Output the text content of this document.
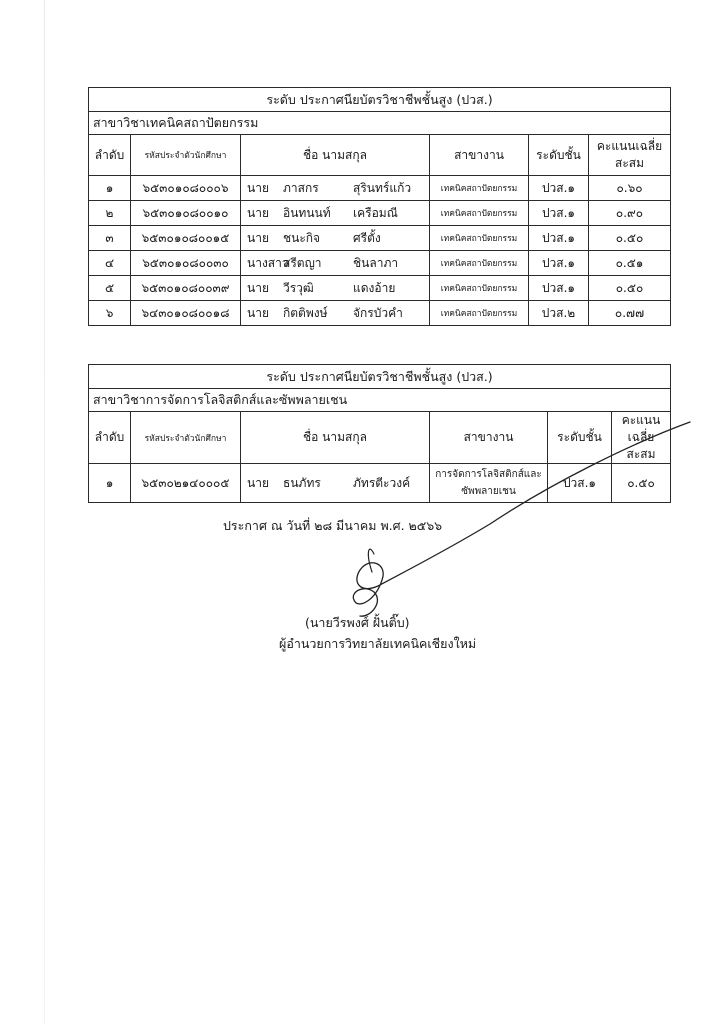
ระดับ ประกาศนียบัตรวิชาชีพชั้นสูง (ปวส.)					
สาขาวิชาเทคนิคสถาปัตยกรรม					
ลำดับ	รหัสประจำตัวนักศึกษา	ชื่อ นามสกุล	สาขางาน	ระดับชั้น	คะแนนเฉลี่ยสะสม
๑	๖๕๓๐๑๐๘๐๐๐๖	นาย ภาสกร สุรินทร์แก้ว	เทคนิคสถาปัตยกรรม	ปวส.๑	๐.๖๐
๒	๖๕๓๐๑๐๘๐๐๑๐	นาย อินทนนท์ เครือมณี	เทคนิคสถาปัตยกรรม	ปวส.๑	๐.๙๐
๓	๖๕๓๐๑๐๘๐๐๑๕	นาย ชนะกิจ ศรีตั้ง	เทคนิคสถาปัตยกรรม	ปวส.๑	๐.๕๐
๔	๖๕๓๐๑๐๘๐๐๓๐	นางสาวสรีตญา ชินลาภา	เทคนิคสถาปัตยกรรม	ปวส.๑	๐.๕๑
๕	๖๕๓๐๑๐๘๐๐๓๙	นาย วีรวุฒิ แดงอ้าย	เทคนิคสถาปัตยกรรม	ปวส.๑	๐.๕๐
๖	๖๔๓๐๑๐๘๐๐๑๘	นาย กิตติพงษ์ จักรบัวคำ	เทคนิคสถาปัตยกรรม	ปวส.๒	๐.๗๗
ระดับ ประกาศนียบัตรวิชาชีพชั้นสูง (ปวส.)					
สาขาวิชาการจัดการโลจิสติกส์และซัพพลายเชน					
ลำดับ	รหัสประจำตัวนักศึกษา	ชื่อ นามสกุล	สาขางาน	ระดับชั้น	คะแนนเฉลี่ยสะสม
๑	๖๕๓๐๒๑๔๐๐๐๕	นาย ธนภัทร ภัทรตีะวงค์	การจัดการโลจิสติกส์และซัพพลายเชน	ปวส.๑	๐.๕๐
ประกาศ ณ วันที่ ๒๘ มีนาคม พ.ศ. ๒๕๖๖
(นายวีรพงศ์ ฝั้นติ๊บ)
ผู้อำนวยการวิทยาลัยเทคนิคเชียงใหม่
